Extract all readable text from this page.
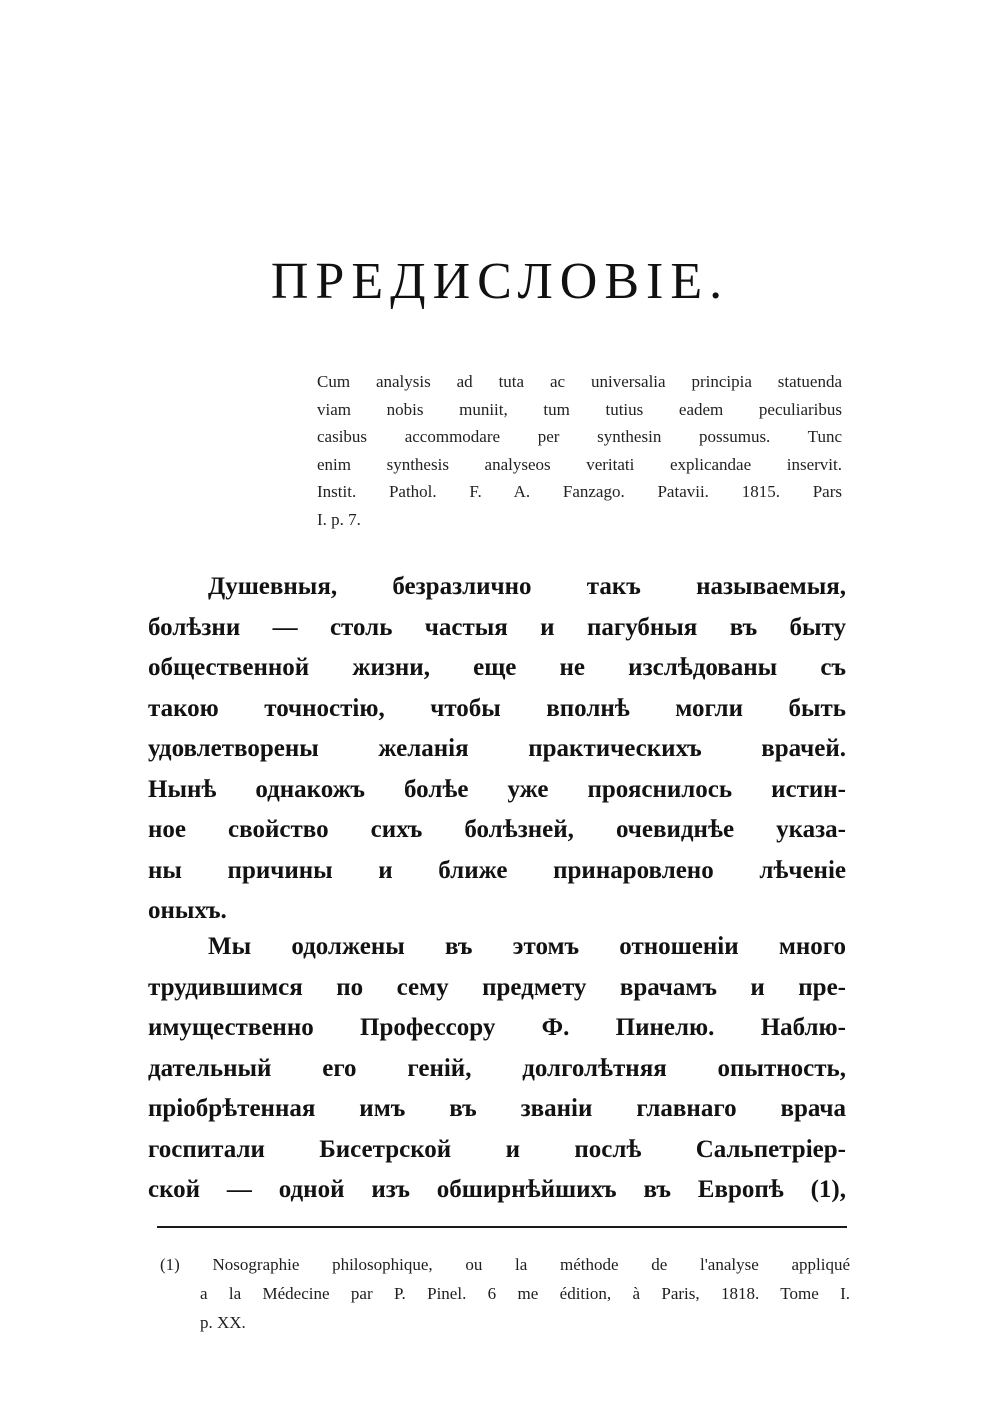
ПРЕДИСЛОВІЕ.
Cum analysis ad tuta ac universalia principia statuenda
viam nobis muniit, tum tutius eadem peculiaribus
casibus accommodare per synthesin possumus. Tunc
enim synthesis analyseos veritati explicandae inservit.
Instit. Pathol. F. A. Fanzago. Patavii. 1815. Pars
I. p. 7.
Душевныя, безразлично такъ называемыя,
болѣзни — столь частыя и пагубныя въ быту
общественной жизни, еще не изслѣдованы съ
такою точностію, чтобы вполнѣ могли быть
удовлетворены желанія практическихъ врачей.
Нынѣ однакожъ болѣе уже прояснилось истин-
ное свойство сихъ болѣзней, очевиднѣе указа-
ны причины и ближе принаровлено лѣченіе
оныхъ.
Мы одолжены въ этомъ отношеніи много
трудившимся по сему предмету врачамъ и пре-
имущественно Профессору Ф. Пинелю. Наблю-
дательный его геній, долголѣтняя опытность,
пріобрѣтенная имъ въ званіи главнаго врача
госпитали Бисетрской и послѣ Сальпетріер-
ской — одной изъ обширнѣйшихъ въ Европѣ (1),
(1) Nosographie philosophique, ou la méthode de l'analyse appliqué
a la Médecine par P. Pinel. 6 me édition, à Paris, 1818. Tome I.
p. XX.
